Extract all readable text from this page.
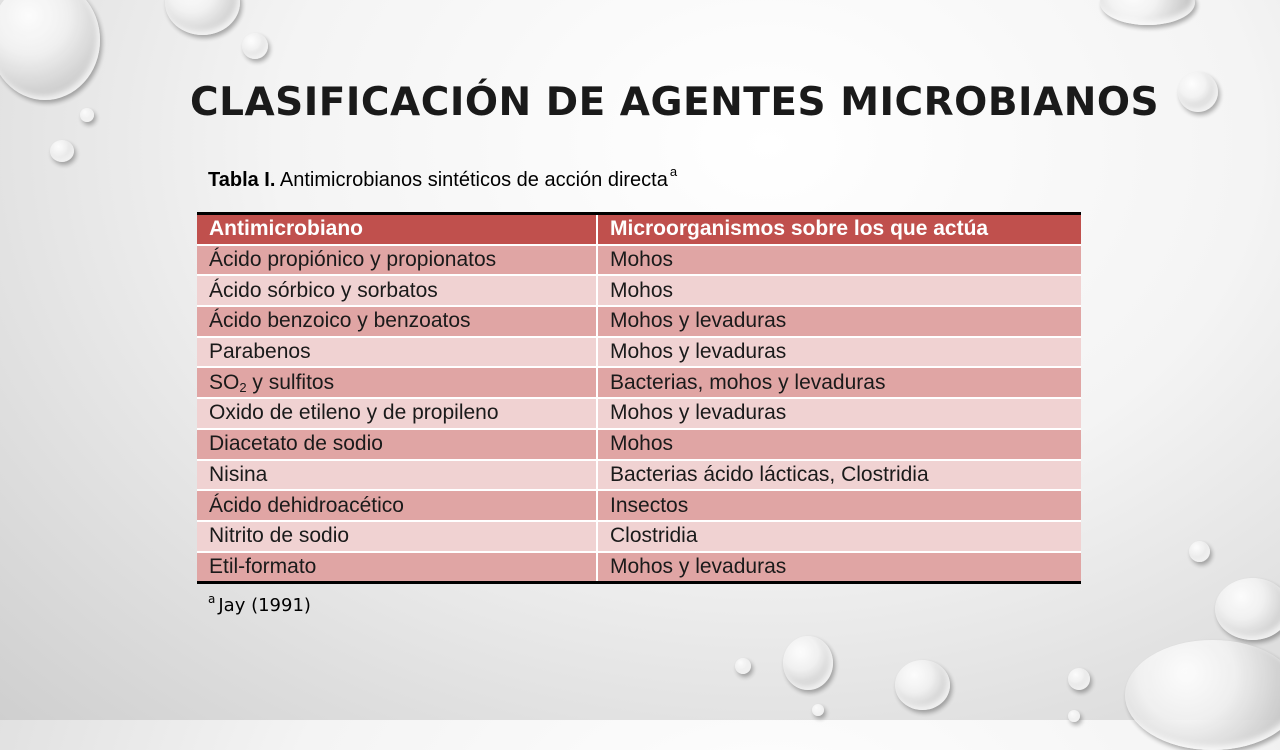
CLASIFICACIÓN DE AGENTES MICROBIANOS
Tabla I. Antimicrobianos sintéticos de acción directa $^a$
Antimicrobiano	Microorganismos sobre los que actúa
Ácido propiónico y propionatos	Mohos
Ácido sórbico y sorbatos	Mohos
Ácido benzoico y benzoatos	Mohos y levaduras
Parabenos	Mohos y levaduras
SO2 y sulfitos	Bacterias, mohos y levaduras
Oxido de etileno y de propileno	Mohos y levaduras
Diacetato de sodio	Mohos
Nisina	Bacterias ácido lácticas, Clostridia
Ácido dehidroacético	Insectos
Nitrito de sodio	Clostridia
Etil-formato	Mohos y levaduras
$^a$ Jay (1991)
